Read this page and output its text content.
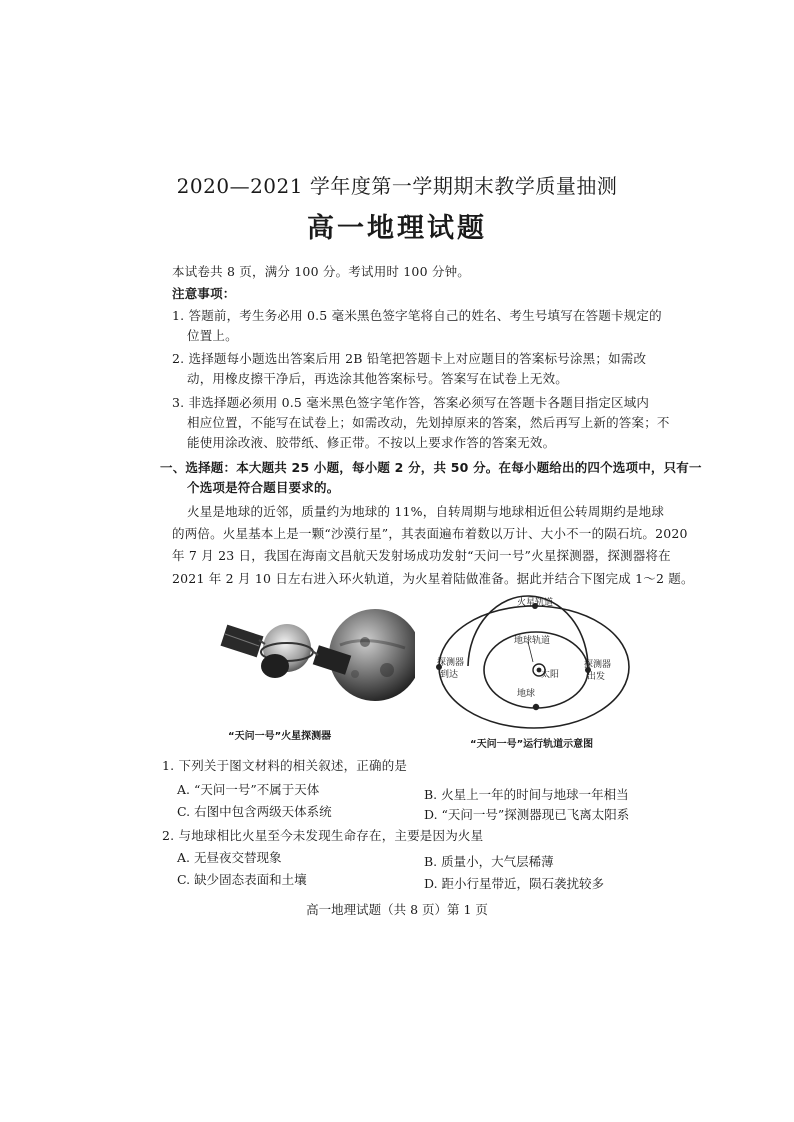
2020—2021 学年度第一学期期末教学质量抽测
高一地理试题
本试卷共 8 页，满分 100 分。考试用时 100 分钟。
注意事项：
1. 答题前，考生务必用 0.5 毫米黑色签字笔将自己的姓名、考生号填写在答题卡规定的
位置上。
2. 选择题每小题选出答案后用 2B 铅笔把答题卡上对应题目的答案标号涂黑；如需改
动，用橡皮擦干净后，再选涂其他答案标号。答案写在试卷上无效。
3. 非选择题必须用 0.5 毫米黑色签字笔作答，答案必须写在答题卡各题目指定区域内
相应位置，不能写在试卷上；如需改动，先划掉原来的答案，然后再写上新的答案；不
能使用涂改液、胶带纸、修正带。不按以上要求作答的答案无效。
一、选择题：本大题共 25 小题，每小题 2 分，共 50 分。在每小题给出的四个选项中，只有一
个选项是符合题目要求的。
火星是地球的近邻，质量约为地球的 11%，自转周期与地球相近但公转周期约是地球
的两倍。火星基本上是一颗“沙漠行星”，其表面遍布着数以万计、大小不一的陨石坑。2020
年 7 月 23 日，我国在海南文昌航天发射场成功发射“天问一号”火星探测器，探测器将在
2021 年 2 月 10 日左右进入环火轨道，为火星着陆做准备。据此并结合下图完成 1～2 题。
“天问一号”火星探测器
火星轨道
地球轨道
太阳
地球
探测器
到达
探测器
出发
“天问一号”运行轨道示意图
1. 下列关于图文材料的相关叙述，正确的是
A. “天问一号”不属于天体	B. 火星上一年的时间与地球一年相当
C. 右图中包含两级天体系统	D. “天问一号”探测器现已飞离太阳系
2. 与地球相比火星至今未发现生命存在，主要是因为火星
A. 无昼夜交替现象	B. 质量小，大气层稀薄
C. 缺少固态表面和土壤	D. 距小行星带近，陨石袭扰较多
高一地理试题（共 8 页）第 1 页
